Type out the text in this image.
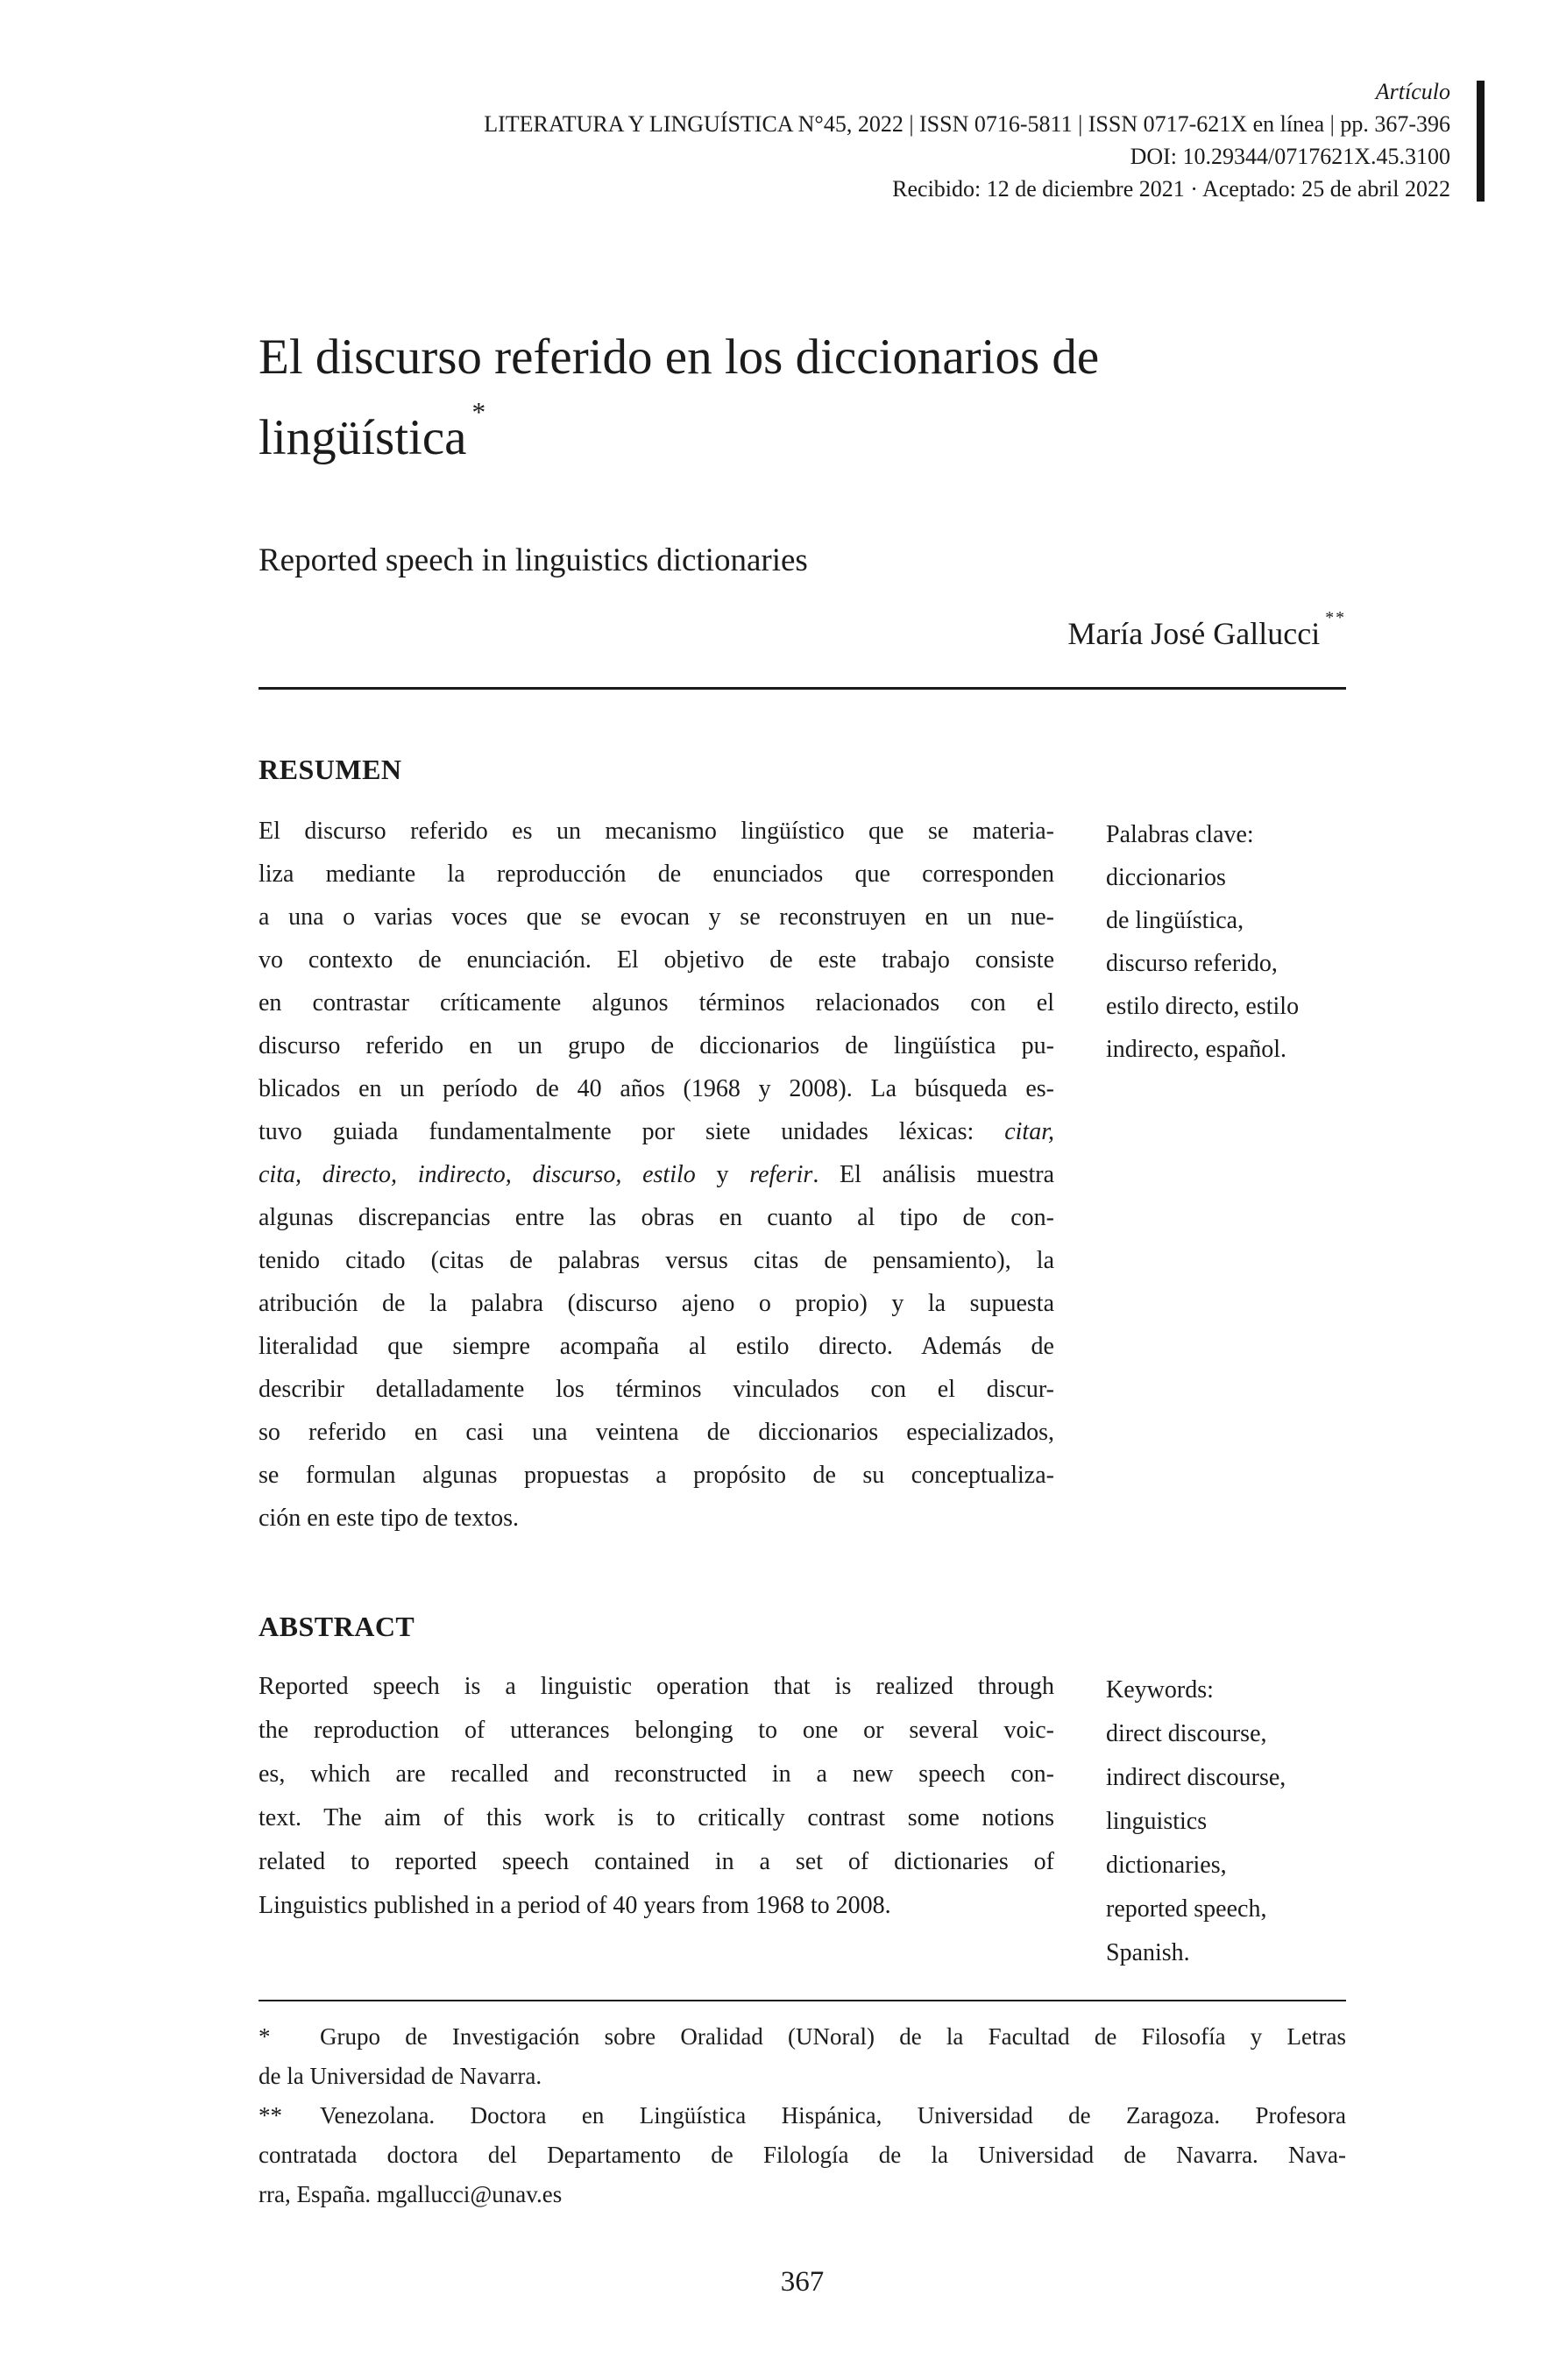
Artículo
LITERATURA Y LINGUÍSTICA N°45, 2022 | ISSN 0716-5811 | ISSN 0717-621X en línea | pp. 367-396
DOI: 10.29344/0717621X.45.3100
Recibido: 12 de diciembre 2021 · Aceptado: 25 de abril 2022
El discurso referido en los diccionarios de
lingüística *
Reported speech in linguistics dictionaries
María José Gallucci **
RESUMEN
El discurso referido es un mecanismo lingüístico que se materia-
liza mediante la reproducción de enunciados que corresponden
a una o varias voces que se evocan y se reconstruyen en un nue-
vo contexto de enunciación. El objetivo de este trabajo consiste
en contrastar críticamente algunos términos relacionados con el
discurso referido en un grupo de diccionarios de lingüística pu-
blicados en un período de 40 años (1968 y 2008). La búsqueda es-
tuvo guiada fundamentalmente por siete unidades léxicas: citar,
cita, directo, indirecto, discurso, estilo y referir. El análisis muestra
algunas discrepancias entre las obras en cuanto al tipo de con-
tenido citado (citas de palabras versus citas de pensamiento), la
atribución de la palabra (discurso ajeno o propio) y la supuesta
literalidad que siempre acompaña al estilo directo. Además de
describir detalladamente los términos vinculados con el discur-
so referido en casi una veintena de diccionarios especializados,
se formulan algunas propuestas a propósito de su conceptualiza-
ción en este tipo de textos.
Palabras clave:
diccionarios
de lingüística,
discurso referido,
estilo directo, estilo
indirecto, español.
ABSTRACT
Reported speech is a linguistic operation that is realized through
the reproduction of utterances belonging to one or several voic-
es, which are recalled and reconstructed in a new speech con-
text. The aim of this work is to critically contrast some notions
related to reported speech contained in a set of dictionaries of
Linguistics published in a period of 40 years from 1968 to 2008.
Keywords:
direct discourse,
indirect discourse,
linguistics
dictionaries,
reported speech,
Spanish.
* Grupo de Investigación sobre Oralidad (UNoral) de la Facultad de Filosofía y Letras
de la Universidad de Navarra.
** Venezolana. Doctora en Lingüística Hispánica, Universidad de Zaragoza. Profesora
contratada doctora del Departamento de Filología de la Universidad de Navarra. Nava-
rra, España. mgallucci@unav.es
367
